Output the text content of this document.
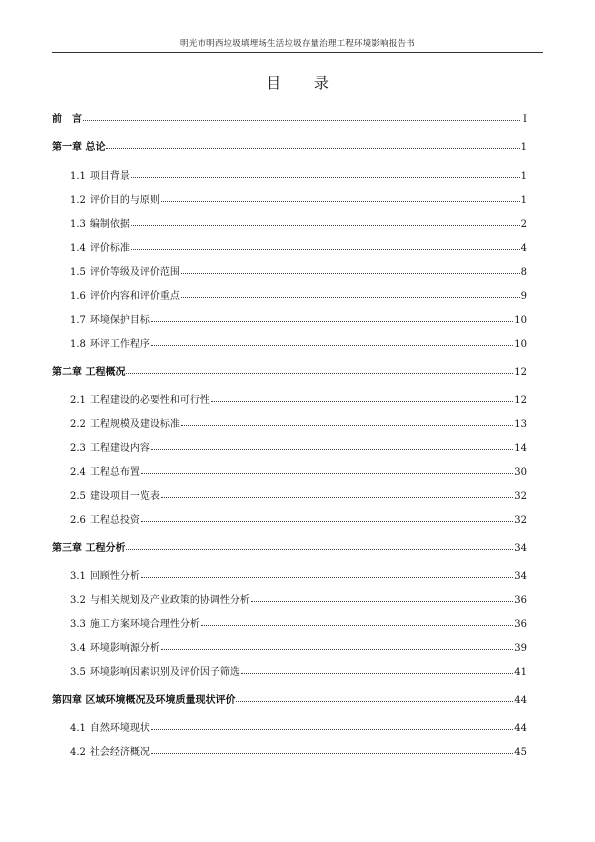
明光市明西垃圾填埋场生活垃圾存量治理工程环境影响报告书
目 录
前　言	I
第一章 总论	1
1.1 项目背景	1
1.2 评价目的与原则	1
1.3 编制依据	2
1.4 评价标准	4
1.5 评价等级及评价范围	8
1.6 评价内容和评价重点	9
1.7 环境保护目标	10
1.8 环评工作程序	10
第二章 工程概况	12
2.1 工程建设的必要性和可行性	12
2.2 工程规模及建设标准	13
2.3 工程建设内容	14
2.4 工程总布置	30
2.5 建设项目一览表	32
2.6 工程总投资	32
第三章 工程分析	34
3.1 回顾性分析	34
3.2 与相关规划及产业政策的协调性分析	36
3.3 施工方案环境合理性分析	36
3.4 环境影响源分析	39
3.5 环境影响因素识别及评价因子筛选	41
第四章 区域环境概况及环境质量现状评价	44
4.1 自然环境现状	44
4.2 社会经济概况	45
